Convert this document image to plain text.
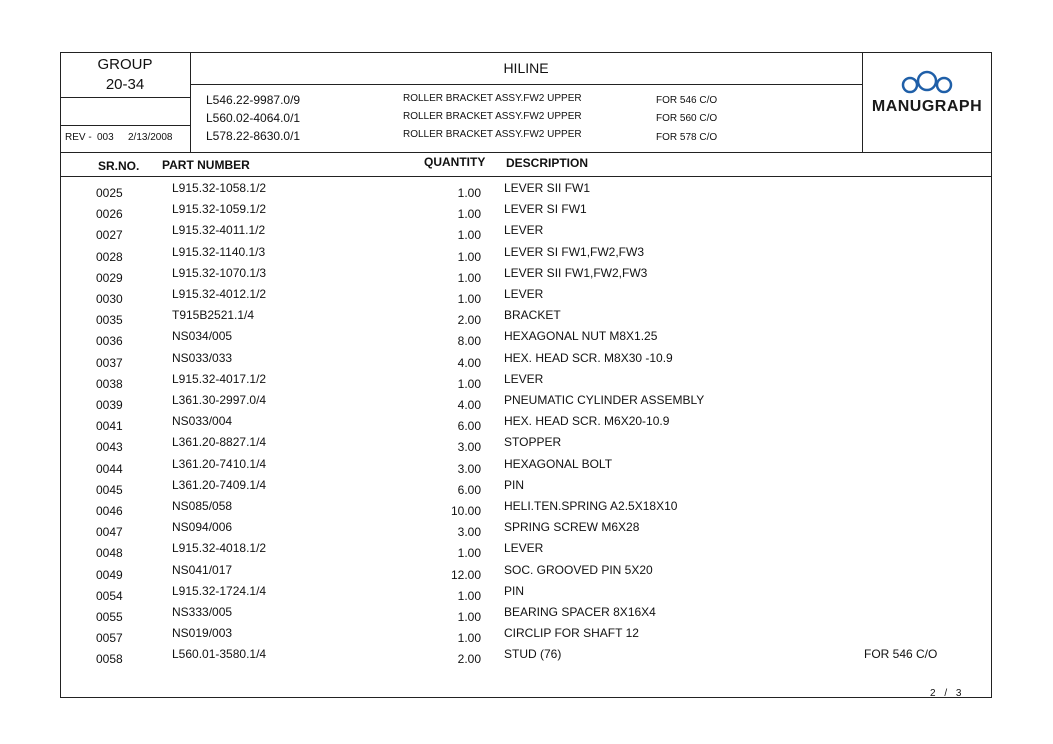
GROUP
20-34
REV - 003 2/13/2008
HILINE
L546.22-9987.0/9	ROLLER BRACKET ASSY.FW2 UPPER	FOR 546 C/O
L560.02-4064.0/1	ROLLER BRACKET ASSY.FW2 UPPER	FOR 560 C/O
L578.22-8630.0/1	ROLLER BRACKET ASSY.FW2 UPPER	FOR 578 C/O
MANUGRAPH
SR.NO. PART NUMBER	QUANTITY DESCRIPTION
0025	L915.32-1058.1/2	1.00 LEVER SII FW1
0026	L915.32-1059.1/2	1.00 LEVER SI FW1
0027	L915.32-4011.1/2	1.00 LEVER
0028	L915.32-1140.1/3	1.00 LEVER SI FW1,FW2,FW3
0029	L915.32-1070.1/3	1.00 LEVER SII FW1,FW2,FW3
0030	L915.32-4012.1/2	1.00 LEVER
0035	T915B2521.1/4	2.00 BRACKET
0036	NS034/005	8.00 HEXAGONAL NUT M8X1.25
0037	NS033/033	4.00 HEX. HEAD SCR. M8X30 -10.9
0038	L915.32-4017.1/2	1.00 LEVER
0039	L361.30-2997.0/4	4.00 PNEUMATIC CYLINDER ASSEMBLY
0041	NS033/004	6.00 HEX. HEAD SCR. M6X20-10.9
0043	L361.20-8827.1/4	3.00 STOPPER
0044	L361.20-7410.1/4	3.00 HEXAGONAL BOLT
0045	L361.20-7409.1/4	6.00 PIN
0046	NS085/058	10.00 HELI.TEN.SPRING A2.5X18X10
0047	NS094/006	3.00 SPRING SCREW M6X28
0048	L915.32-4018.1/2	1.00 LEVER
0049	NS041/017	12.00 SOC. GROOVED PIN 5X20
0054	L915.32-1724.1/4	1.00 PIN
0055	NS333/005	1.00 BEARING SPACER 8X16X4
0057	NS019/003	1.00 CIRCLIP FOR SHAFT 12
0058	L560.01-3580.1/4	2.00 STUD (76)	FOR 546 C/O
2 / 3
